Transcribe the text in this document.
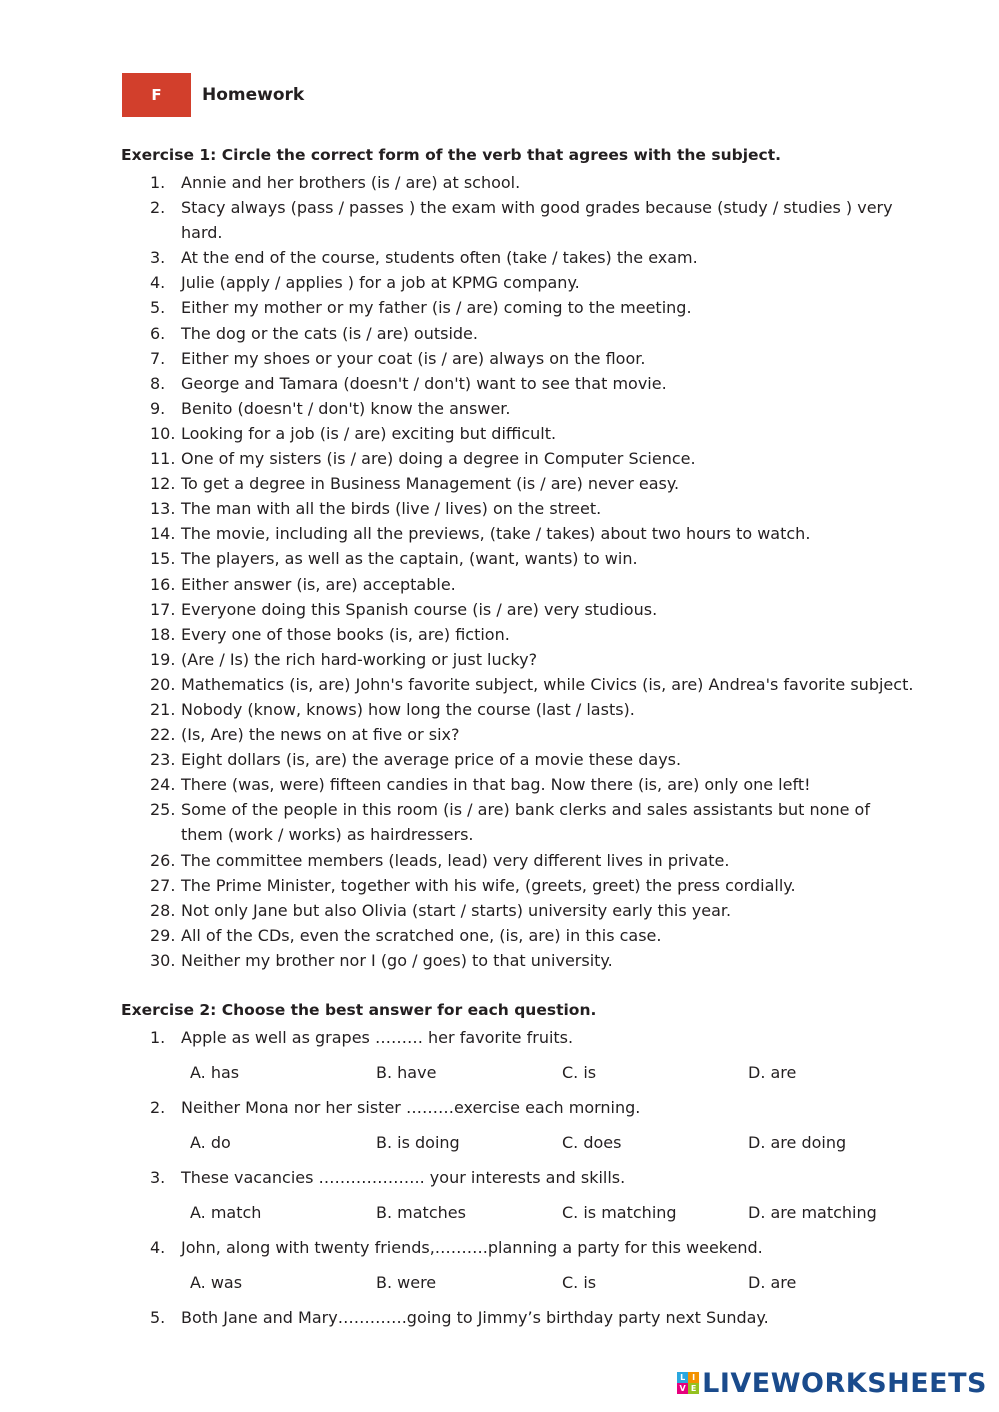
F	Homework
Exercise 1: Circle the correct form of the verb that agrees with the subject.
1. Annie and her brothers (is / are) at school.
2. Stacy always (pass / passes ) the exam with good grades because (study / studies ) very hard.
3. At the end of the course, students often (take / takes) the exam.
4. Julie (apply / applies ) for a job at KPMG company.
5. Either my mother or my father (is / are) coming to the meeting.
6. The dog or the cats (is / are) outside.
7. Either my shoes or your coat (is / are) always on the floor.
8. George and Tamara (doesn't / don't) want to see that movie.
9. Benito (doesn't / don't) know the answer.
10. Looking for a job (is / are) exciting but difficult.
11. One of my sisters (is / are) doing a degree in Computer Science.
12. To get a degree in Business Management (is / are) never easy.
13. The man with all the birds (live / lives) on the street.
14. The movie, including all the previews, (take / takes) about two hours to watch.
15. The players, as well as the captain, (want, wants) to win.
16. Either answer (is, are) acceptable.
17. Everyone doing this Spanish course (is / are) very studious.
18. Every one of those books (is, are) fiction.
19. (Are / Is) the rich hard-working or just lucky?
20. Mathematics (is, are) John's favorite subject, while Civics (is, are) Andrea's favorite subject.
21. Nobody (know, knows) how long the course (last / lasts).
22. (Is, Are) the news on at five or six?
23. Eight dollars (is, are) the average price of a movie these days.
24. There (was, were) fifteen candies in that bag. Now there (is, are) only one left!
25. Some of the people in this room (is / are) bank clerks and sales assistants but none of them (work / works) as hairdressers.
26. The committee members (leads, lead) very different lives in private.
27. The Prime Minister, together with his wife, (greets, greet) the press cordially.
28. Not only Jane but also Olivia (start / starts) university early this year.
29. All of the CDs, even the scratched one, (is, are) in this case.
30. Neither my brother nor I (go / goes) to that university.
Exercise 2: Choose the best answer for each question.
1. Apple as well as grapes ……… her favorite fruits.
A. has	B. have	C. is	D. are
2. Neither Mona nor her sister ………exercise each morning.
A. do	B. is doing	C. does	D. are doing
3. These vacancies ……………….. your interests and skills.
A. match	B. matches	C. is matching	D. are matching
4. John, along with twenty friends,……….planning a party for this weekend.
A. was	B. were	C. is	D. are
5. Both Jane and Mary………….going to Jimmy’s birthday party next Sunday.
L I
V E LIVEWORKSHEETS
